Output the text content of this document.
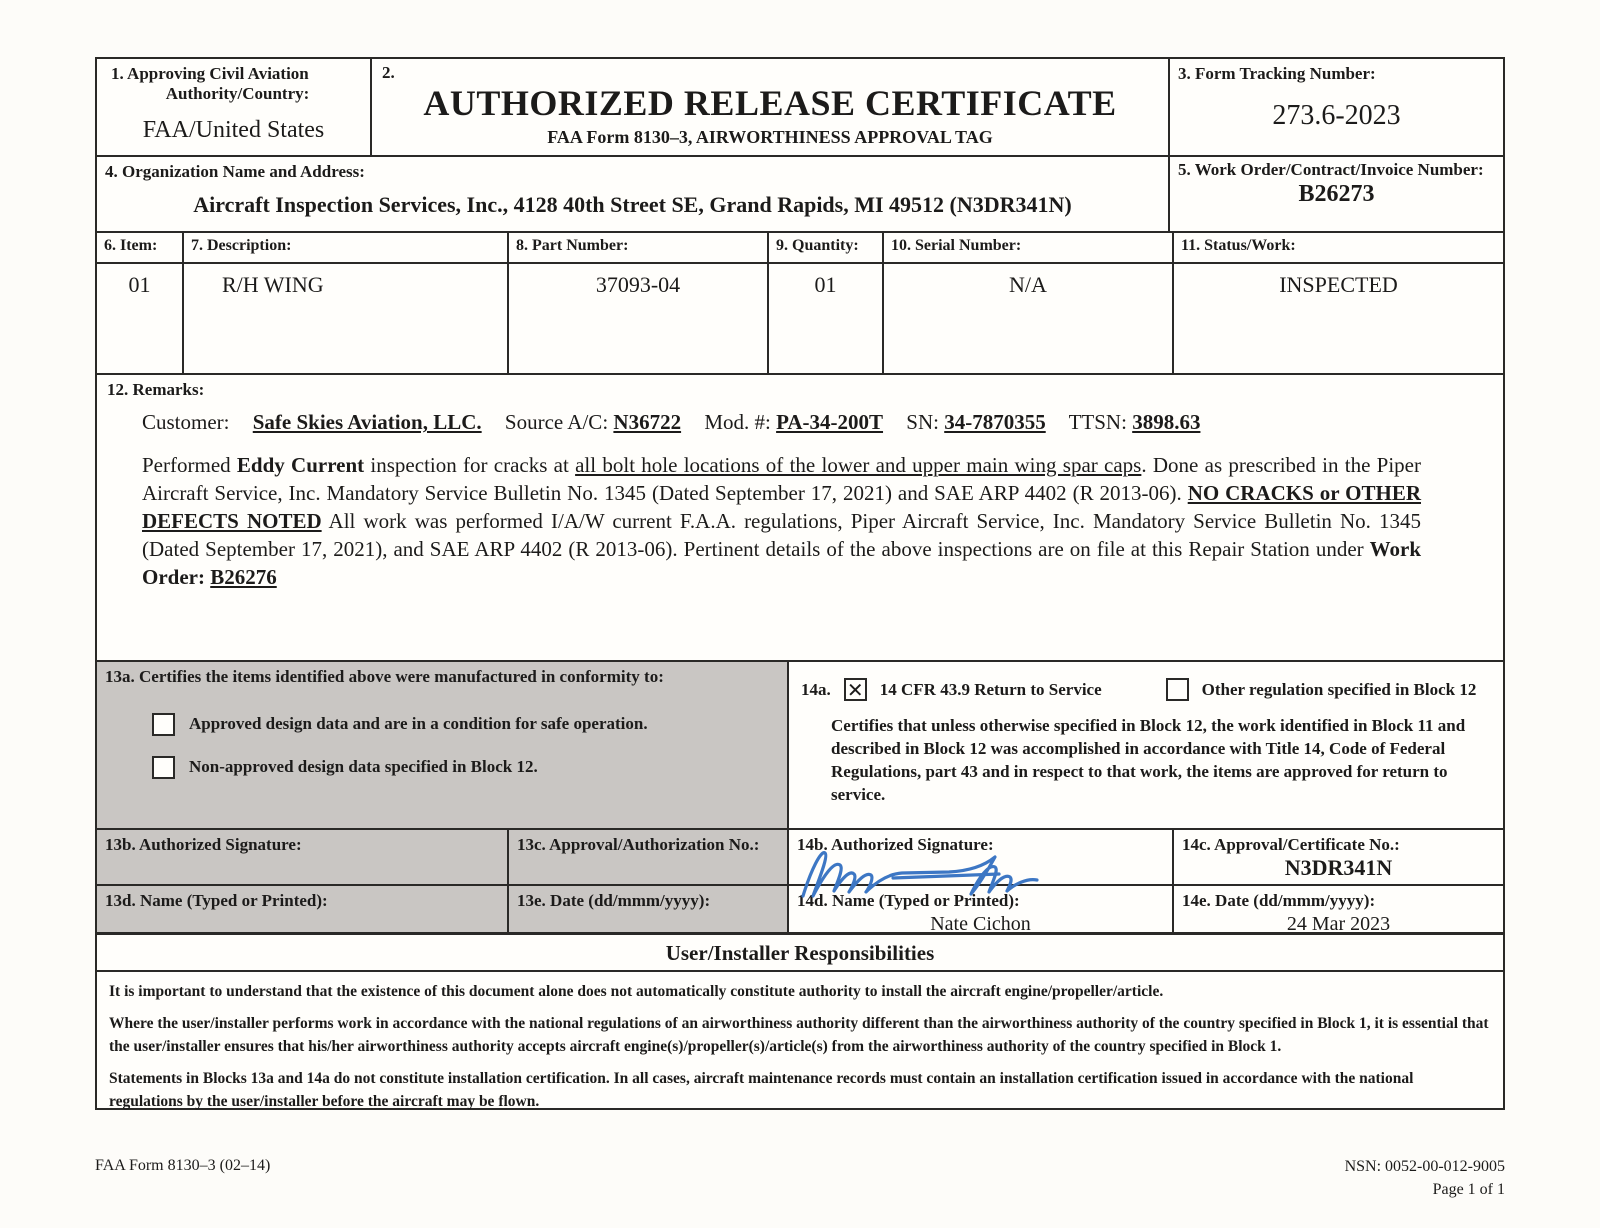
1. Approving Civil Aviation
Authority/Country:
FAA/United States
2.
AUTHORIZED RELEASE CERTIFICATE
FAA Form 8130–3, AIRWORTHINESS APPROVAL TAG
3. Form Tracking Number:
273.6-2023
4. Organization Name and Address:
Aircraft Inspection Services, Inc., 4128 40th Street SE, Grand Rapids, MI 49512 (N3DR341N)
5. Work Order/Contract/Invoice Number:
B26273
6. Item:	7. Description:	8. Part Number:	9. Quantity:	10. Serial Number:	11. Status/Work:
01	R/H WING	37093-04	01	N/A	INSPECTED
12. Remarks:
Customer: Safe Skies Aviation, LLC. Source A/C: N36722 Mod. #: PA-34-200T SN: 34-7870355 TTSN: 3898.63
Performed Eddy Current inspection for cracks at all bolt hole locations of the lower and upper main wing spar caps. Done as prescribed in the Piper Aircraft Service, Inc. Mandatory Service Bulletin No. 1345 (Dated September 17, 2021) and SAE ARP 4402 (R 2013-06). NO CRACKS or OTHER DEFECTS NOTED All work was performed I/A/W current F.A.A. regulations, Piper Aircraft Service, Inc. Mandatory Service Bulletin No. 1345 (Dated September 17, 2021), and SAE ARP 4402 (R 2013-06). Pertinent details of the above inspections are on file at this Repair Station under Work Order: B26276
13a. Certifies the items identified above were manufactured in conformity to:
Approved design data and are in a condition for safe operation.
Non-approved design data specified in Block 12.
14a. ✕ 14 CFR 43.9 Return to Service	Other regulation specified in Block 12
Certifies that unless otherwise specified in Block 12, the work identified in Block 11 and described in Block 12 was accomplished in accordance with Title 14, Code of Federal Regulations, part 43 and in respect to that work, the items are approved for return to service.
13b. Authorized Signature:	13c. Approval/Authorization No.:	14b. Authorized Signature:	14c. Approval/Certificate No.:
N3DR341N
13d. Name (Typed or Printed):	13e. Date (dd/mmm/yyyy):	14d. Name (Typed or Printed):
Nate Cichon
14e. Date (dd/mmm/yyyy):
24 Mar 2023
User/Installer Responsibilities
It is important to understand that the existence of this document alone does not automatically constitute authority to install the aircraft engine/propeller/article.
Where the user/installer performs work in accordance with the national regulations of an airworthiness authority different than the airworthiness authority of the country specified in Block 1, it is essential that the user/installer ensures that his/her airworthiness authority accepts aircraft engine(s)/propeller(s)/article(s) from the airworthiness authority of the country specified in Block 1.
Statements in Blocks 13a and 14a do not constitute installation certification. In all cases, aircraft maintenance records must contain an installation certification issued in accordance with the national regulations by the user/installer before the aircraft may be flown.
FAA Form 8130–3 (02–14)	NSN: 0052-00-012-9005
Page 1 of 1
